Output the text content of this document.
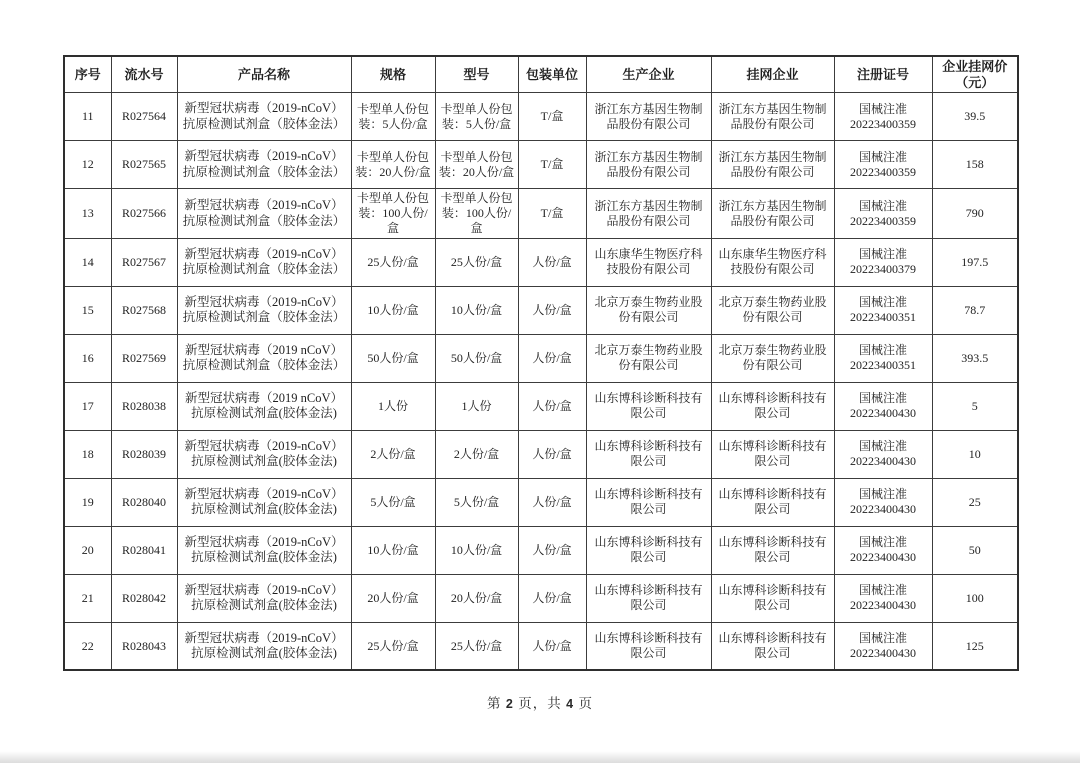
序号	流水号	产品名称	规格	型号	包装单位	生产企业	挂网企业	注册证号	企业挂网价（元）
11	R027564	新型冠状病毒（2019-nCoV）抗原检测试剂盒（胶体金法）	卡型单人份包装：5人份/盒	卡型单人份包装：5人份/盒	T/盒	浙江东方基因生物制品股份有限公司	浙江东方基因生物制品股份有限公司	国械注准 20223400359	39.5
12	R027565	新型冠状病毒（2019-nCoV）抗原检测试剂盒（胶体金法）	卡型单人份包装：20人份/盒	卡型单人份包装：20人份/盒	T/盒	浙江东方基因生物制品股份有限公司	浙江东方基因生物制品股份有限公司	国械注准 20223400359	158
13	R027566	新型冠状病毒（2019-nCoV）抗原检测试剂盒（胶体金法）	卡型单人份包装：100人份/盒	卡型单人份包装：100人份/盒	T/盒	浙江东方基因生物制品股份有限公司	浙江东方基因生物制品股份有限公司	国械注准 20223400359	790
14	R027567	新型冠状病毒（2019-nCoV）抗原检测试剂盒（胶体金法）	25人份/盒	25人份/盒	人份/盒	山东康华生物医疗科技股份有限公司	山东康华生物医疗科技股份有限公司	国械注准 20223400379	197.5
15	R027568	新型冠状病毒（2019-nCoV）抗原检测试剂盒（胶体金法）	10人份/盒	10人份/盒	人份/盒	北京万泰生物药业股份有限公司	北京万泰生物药业股份有限公司	国械注准 20223400351	78.7
16	R027569	新型冠状病毒（2019 nCoV）抗原检测试剂盒（胶体金法）	50人份/盒	50人份/盒	人份/盒	北京万泰生物药业股份有限公司	北京万泰生物药业股份有限公司	国械注准 20223400351	393.5
17	R028038	新型冠状病毒（2019 nCoV）抗原检测试剂盒(胶体金法)	1人份	1人份	人份/盒	山东博科诊断科技有限公司	山东博科诊断科技有限公司	国械注准 20223400430	5
18	R028039	新型冠状病毒（2019-nCoV）抗原检测试剂盒(胶体金法)	2人份/盒	2人份/盒	人份/盒	山东博科诊断科技有限公司	山东博科诊断科技有限公司	国械注准 20223400430	10
19	R028040	新型冠状病毒（2019-nCoV）抗原检测试剂盒(胶体金法)	5人份/盒	5人份/盒	人份/盒	山东博科诊断科技有限公司	山东博科诊断科技有限公司	国械注准 20223400430	25
20	R028041	新型冠状病毒（2019-nCoV）抗原检测试剂盒(胶体金法)	10人份/盒	10人份/盒	人份/盒	山东博科诊断科技有限公司	山东博科诊断科技有限公司	国械注准 20223400430	50
21	R028042	新型冠状病毒（2019-nCoV）抗原检测试剂盒(胶体金法)	20人份/盒	20人份/盒	人份/盒	山东博科诊断科技有限公司	山东博科诊断科技有限公司	国械注准 20223400430	100
22	R028043	新型冠状病毒（2019-nCoV）抗原检测试剂盒(胶体金法)	25人份/盒	25人份/盒	人份/盒	山东博科诊断科技有限公司	山东博科诊断科技有限公司	国械注准 20223400430	125
第 2 页，共 4 页
